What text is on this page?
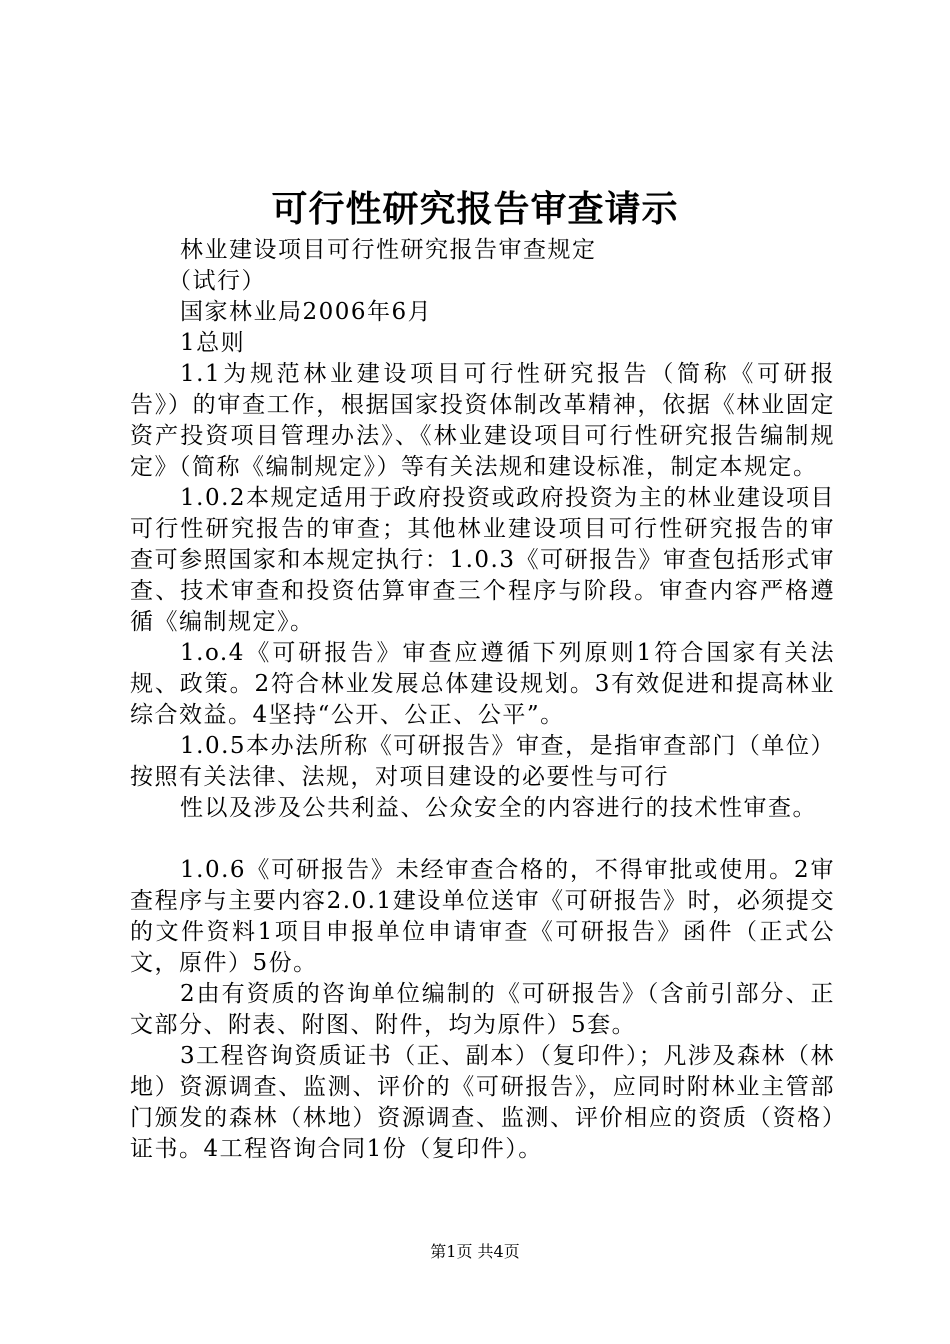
可行性研究报告审查请示

林业建设项目可行性研究报告审查规定

（试行）

国家林业局2006年6月

1总则

1.1为规范林业建设项目可行性研究报告（简称《可研报告》）的审查工作，根据国家投资体制改革精神，依据《林业固定资产投资项目管理办法》、《林业建设项目可行性研究报告编制规定》（简称《编制规定》）等有关法规和建设标准，制定本规定。

1.0.2本规定适用于政府投资或政府投资为主的林业建设项目可行性研究报告的审查；其他林业建设项目可行性研究报告的审查可参照国家和本规定执行：1.0.3《可研报告》审查包括形式审查、技术审查和投资估算审查三个程序与阶段。审查内容严格遵循《编制规定》。

1.o.4《可研报告》审查应遵循下列原则1符合国家有关法规、政策。2符合林业发展总体建设规划。3有效促进和提高林业综合效益。4坚持“公开、公正、公平”。

1.0.5本办法所称《可研报告》审查，是指审查部门（单位）按照有关法律、法规，对项目建设的必要性与可行

性以及涉及公共利益、公众安全的内容进行的技术性审查。

1.0.6《可研报告》未经审查合格的，不得审批或使用。2审查程序与主要内容2.0.1建设单位送审《可研报告》时，必须提交的文件资料1项目申报单位申请审查《可研报告》函件（正式公文，原件）5份。

2由有资质的咨询单位编制的《可研报告》（含前引部分、正文部分、附表、附图、附件，均为原件）5套。

3工程咨询资质证书（正、副本）（复印件）；凡涉及森林（林地）资源调查、监测、评价的《可研报告》，应同时附林业主管部门颁发的森林（林地）资源调查、监测、评价相应的资质（资格）证书。4工程咨询合同1份（复印件）。

第1页 共4页
